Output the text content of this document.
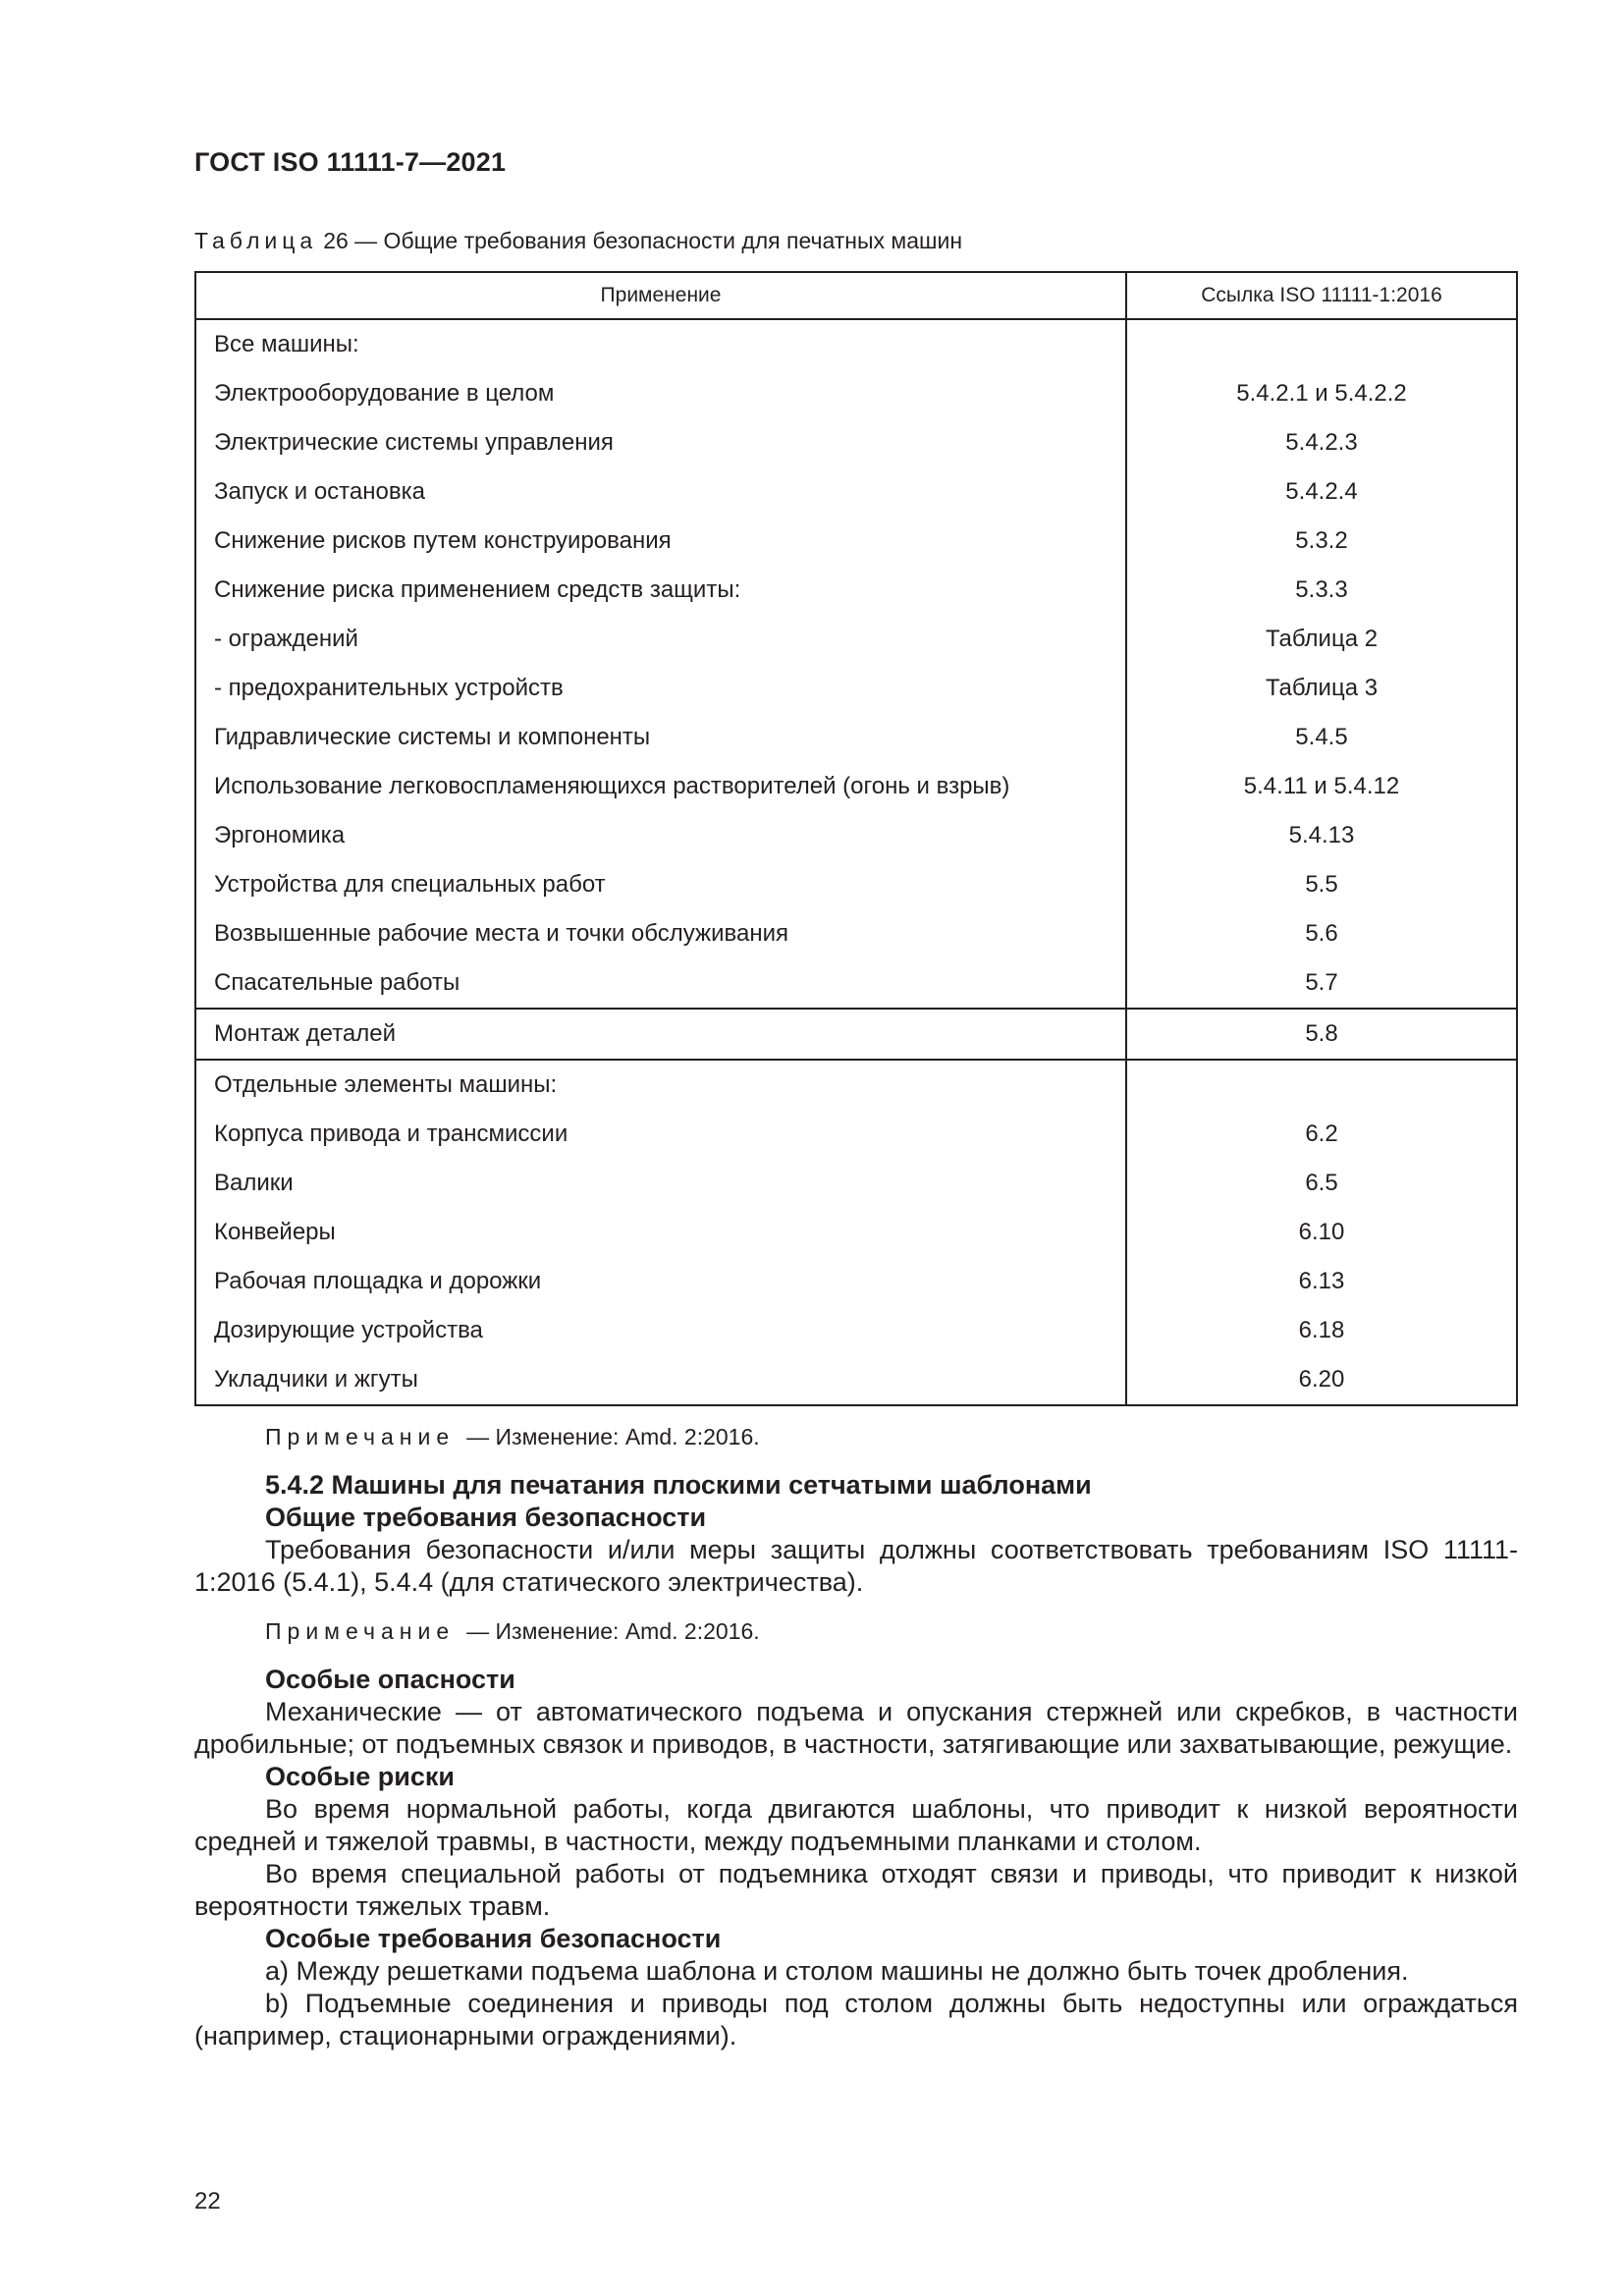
ГОСТ ISO 11111-7—2021
Таблица 26 — Общие требования безопасности для печатных машин
Применение	Ссылка ISO 11111-1:2016
Все машины:	
Электрооборудование в целом	5.4.2.1 и 5.4.2.2
Электрические системы управления	5.4.2.3
Запуск и остановка	5.4.2.4
Снижение рисков путем конструирования	5.3.2
Снижение риска применением средств защиты:	5.3.3
- ограждений	Таблица 2
- предохранительных устройств	Таблица 3
Гидравлические системы и компоненты	5.4.5
Использование легковоспламеняющихся растворителей (огонь и взрыв)	5.4.11 и 5.4.12
Эргономика	5.4.13
Устройства для специальных работ	5.5
Возвышенные рабочие места и точки обслуживания	5.6
Спасательные работы	5.7
Монтаж деталей	5.8
Отдельные элементы машины:	
Корпуса привода и трансмиссии	6.2
Валики	6.5
Конвейеры	6.10
Рабочая площадка и дорожки	6.13
Дозирующие устройства	6.18
Укладчики и жгуты	6.20
Примечание — Изменение: Amd. 2:2016.
5.4.2 Машины для печатания плоскими сетчатыми шаблонами
Общие требования безопасности

Требования безопасности и/или меры защиты должны соответствовать требованиям ISO 11111-1:2016 (5.4.1), 5.4.4 (для статического электричества).

Примечание — Изменение: Amd. 2:2016.
Особые опасности

Механические — от автоматического подъема и опускания стержней или скребков, в частности дробильные; от подъемных связок и приводов, в частности, затягивающие или захватывающие, режущие.

Особые риски

Во время нормальной работы, когда двигаются шаблоны, что приводит к низкой вероятности средней и тяжелой травмы, в частности, между подъемными планками и столом.

Во время специальной работы от подъемника отходят связи и приводы, что приводит к низкой вероятности тяжелых травм.

Особые требования безопасности

a) Между решетками подъема шаблона и столом машины не должно быть точек дробления.

b) Подъемные соединения и приводы под столом должны быть недоступны или ограждаться (например, стационарными ограждениями).

22
